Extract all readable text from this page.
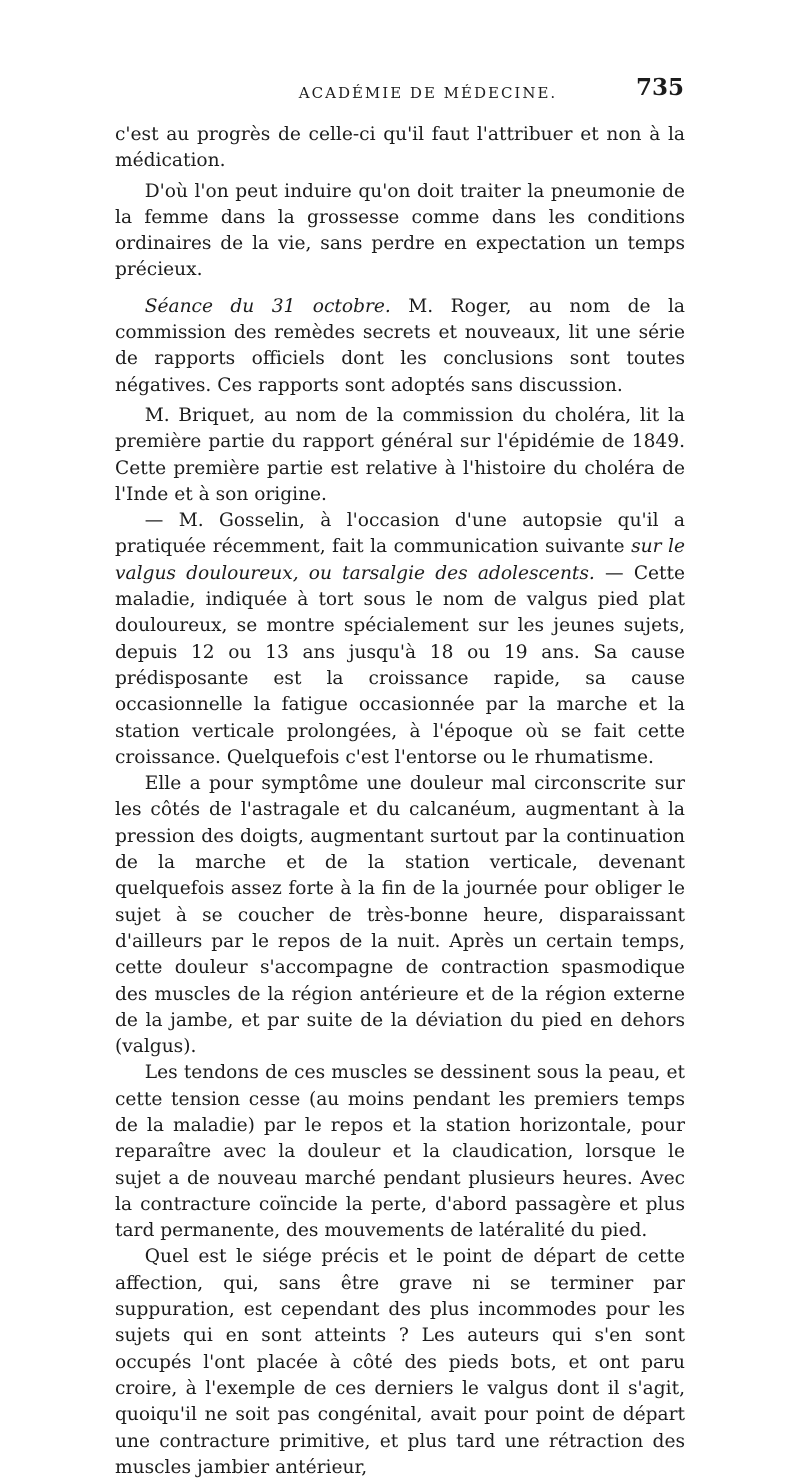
ACADÉMIE DE MÉDECINE.	735

c'est au progrès de celle-ci qu'il faut l'attribuer et non à la médication.

D'où l'on peut induire qu'on doit traiter la pneumonie de la femme dans la grossesse comme dans les conditions ordinaires de la vie, sans perdre en expectation un temps précieux.

Séance du 31 octobre. M. Roger, au nom de la commission des remèdes secrets et nouveaux, lit une série de rapports officiels dont les conclusions sont toutes négatives. Ces rapports sont adoptés sans discussion.

M. Briquet, au nom de la commission du choléra, lit la première partie du rapport général sur l'épidémie de 1849. Cette première partie est relative à l'histoire du choléra de l'Inde et à son origine.

— M. Gosselin, à l'occasion d'une autopsie qu'il a pratiquée récemment, fait la communication suivante sur le valgus douloureux, ou tarsalgie des adolescents. — Cette maladie, indiquée à tort sous le nom de valgus pied plat douloureux, se montre spécialement sur les jeunes sujets, depuis 12 ou 13 ans jusqu'à 18 ou 19 ans. Sa cause prédisposante est la croissance rapide, sa cause occasionnelle la fatigue occasionnée par la marche et la station verticale prolongées, à l'époque où se fait cette croissance. Quelquefois c'est l'entorse ou le rhumatisme.

Elle a pour symptôme une douleur mal circonscrite sur les côtés de l'astragale et du calcanéum, augmentant à la pression des doigts, augmentant surtout par la continuation de la marche et de la station verticale, devenant quelquefois assez forte à la fin de la journée pour obliger le sujet à se coucher de très-bonne heure, disparaissant d'ailleurs par le repos de la nuit. Après un certain temps, cette douleur s'accompagne de contraction spasmodique des muscles de la région antérieure et de la région externe de la jambe, et par suite de la déviation du pied en dehors (valgus).

Les tendons de ces muscles se dessinent sous la peau, et cette tension cesse (au moins pendant les premiers temps de la maladie) par le repos et la station horizontale, pour reparaître avec la douleur et la claudication, lorsque le sujet a de nouveau marché pendant plusieurs heures. Avec la contracture coïncide la perte, d'abord passagère et plus tard permanente, des mouvements de latéralité du pied.

Quel est le siége précis et le point de départ de cette affection, qui, sans être grave ni se terminer par suppuration, est cependant des plus incommodes pour les sujets qui en sont atteints ? Les auteurs qui s'en sont occupés l'ont placée à côté des pieds bots, et ont paru croire, à l'exemple de ces derniers le valgus dont il s'agit, quoiqu'il ne soit pas congénital, avait pour point de départ une contracture primitive, et plus tard une rétraction des muscles jambier antérieur,
